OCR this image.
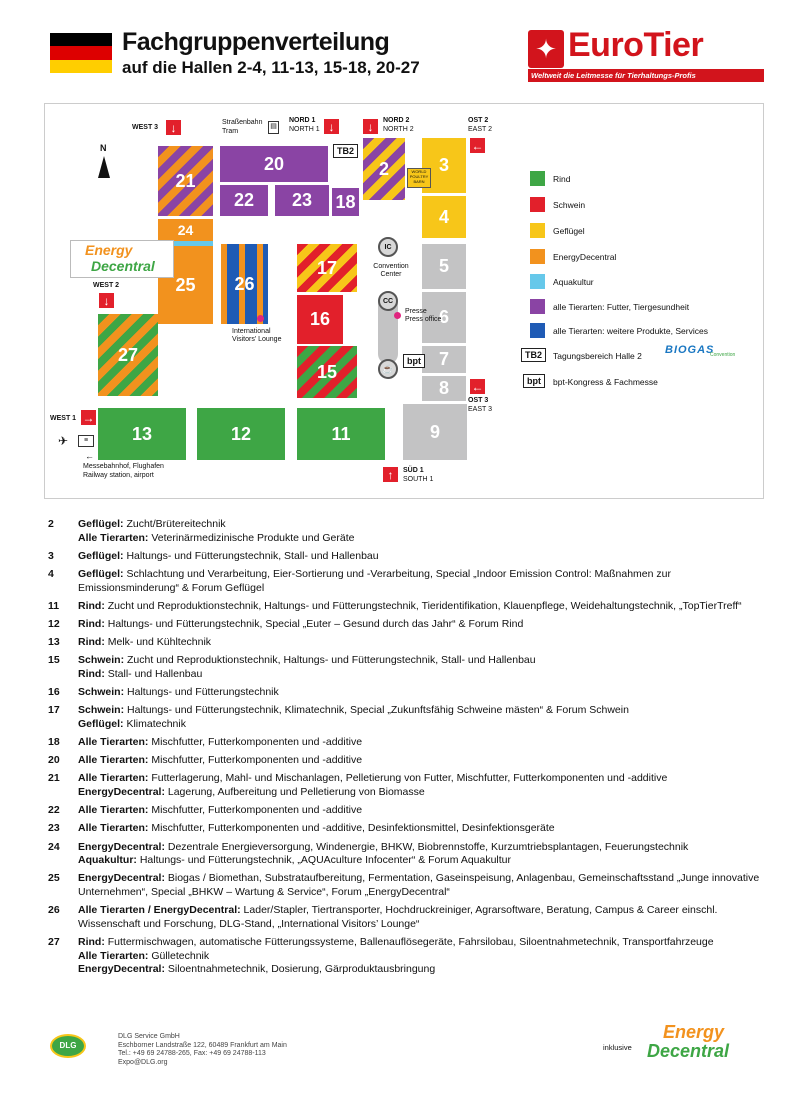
Fachgruppenverteilung
auf die Hallen 2-4, 11-13, 15-18, 20-27
✦ EuroTier
Weltweit die Leitmesse für Tierhaltungs-Profis
21
20
22 23 18
2	3
4
WORLD POULTRY BARN
24
25 26
17
16
15
5
6
7
8
9
27
13	12	11
IC
Convention Center
CC
Presse
Press office
☕
bpt
TB2
N
Energy
Decentral
WEST 3	↓	Straßenbahn
Tram
▤
NORD 1
NORTH 1 ↓	↓	NORD 2
NORTH 2
OST 2
EAST 2
←
WEST 2
↓
WEST 1 →
←
OST 3
EAST 3
↑	SÜD 1
SOUTH 1
✈	≡
←
Messebahnhof, Flughafen
Railway station, airport
International Visitors' Lounge
Rind
Schwein
Geflügel
EnergyDecentral
Aquakultur
alle Tierarten: Futter, Tiergesundheit
alle Tierarten: weitere Produkte, Services
TB2	Tagungsbereich Halle 2 BIOGAS
Convention
bpt	bpt-Kongress & Fachmesse
2	Geflügel: Zucht/Brütereitechnik
Alle Tierarten: Veterinärmedizinische Produkte und Geräte
3	Geflügel: Haltungs- und Fütterungstechnik, Stall- und Hallenbau
4	Geflügel: Schlachtung und Verarbeitung, Eier-Sortierung und -Verarbeitung, Special „Indoor Emission Control: Maßnahmen zur Emissionsminderung“ & Forum Geflügel
11	Rind: Zucht und Reproduktionstechnik, Haltungs- und Fütterungstechnik, Tieridentifikation, Klauenpflege, Weidehaltungstechnik, „TopTierTreff“
12	Rind: Haltungs- und Fütterungstechnik, Special „Euter – Gesund durch das Jahr“ & Forum Rind
13	Rind: Melk- und Kühltechnik
15	Schwein: Zucht und Reproduktionstechnik, Haltungs- und Fütterungstechnik, Stall- und Hallenbau
Rind: Stall- und Hallenbau
16	Schwein: Haltungs- und Fütterungstechnik
17	Schwein: Haltungs- und Fütterungstechnik, Klimatechnik, Special „Zukunftsfähig Schweine mästen“ & Forum Schwein
Geflügel: Klimatechnik
18	Alle Tierarten: Mischfutter, Futterkomponenten und -additive
20	Alle Tierarten: Mischfutter, Futterkomponenten und -additive
21	Alle Tierarten: Futterlagerung, Mahl- und Mischanlagen, Pelletierung von Futter, Mischfutter, Futterkomponenten und -additive
EnergyDecentral: Lagerung, Aufbereitung und Pelletierung von Biomasse
22	Alle Tierarten: Mischfutter, Futterkomponenten und -additive
23	Alle Tierarten: Mischfutter, Futterkomponenten und -additive, Desinfektionsmittel, Desinfektionsgeräte
24	EnergyDecentral: Dezentrale Energieversorgung, Windenergie, BHKW, Biobrennstoffe, Kurzumtriebsplantagen, Feuerungstechnik
Aquakultur: Haltungs- und Fütterungstechnik, „AQUAculture Infocenter“ & Forum Aquakultur
25	EnergyDecentral: Biogas / Biomethan, Substrataufbereitung, Fermentation, Gaseinspeisung, Anlagenbau, Gemeinschaftsstand „Junge innovative Unternehmen“, Special „BHKW – Wartung & Service“, Forum „EnergyDecentral“
26	Alle Tierarten / EnergyDecentral: Lader/Stapler, Tiertransporter, Hochdruckreiniger, Agrarsoftware, Beratung, Campus & Career einschl. Wissenschaft und Forschung, DLG-Stand, „International Visitors’ Lounge“
27	Rind: Futtermischwagen, automatische Fütterungssysteme, Ballenauflösegeräte, Fahrsilobau, Siloentnahmetechnik, Transportfahrzeuge
Alle Tierarten: Gülletechnik
EnergyDecentral: Siloentnahmetechnik, Dosierung, Gärproduktausbringung
DLG
DLG Service GmbH
Eschborner Landstraße 122, 60489 Frankfurt am Main
Tel.: +49 69 24788-265, Fax: +49 69 24788-113
Expo@DLG.org
inklusive
Energy
Decentral
